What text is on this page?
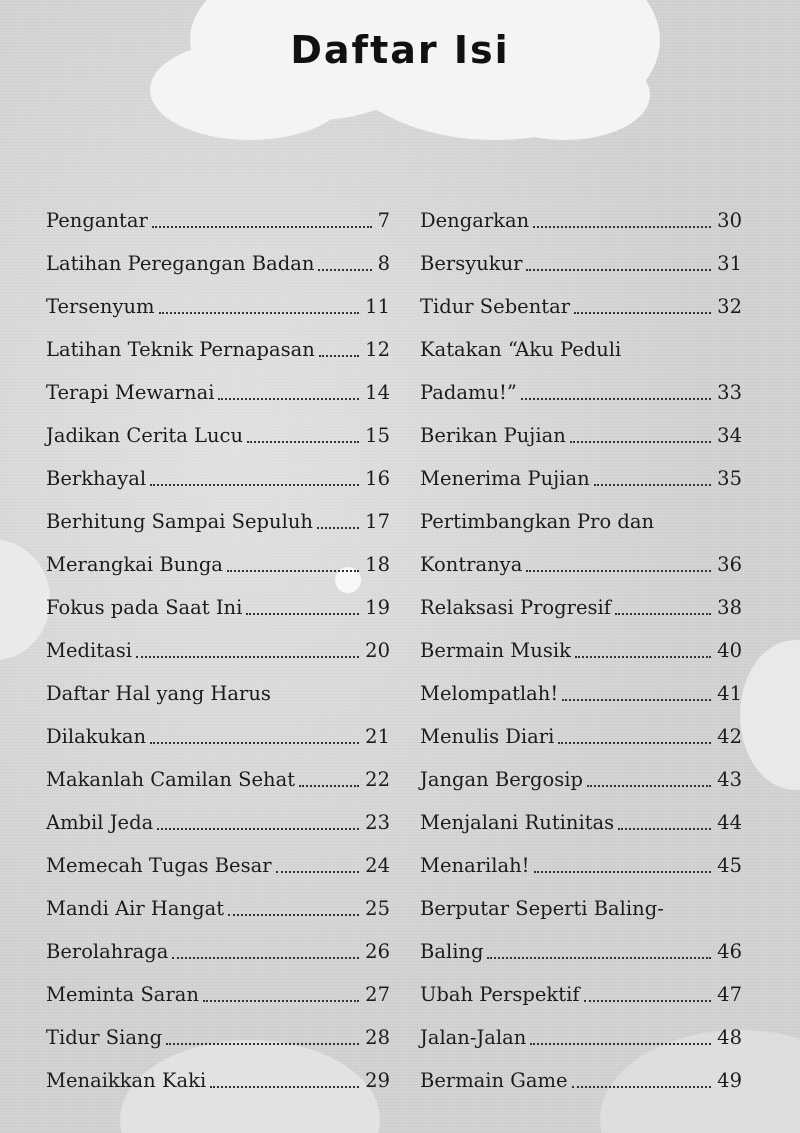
Daftar Isi
Pengantar	7
Latihan Peregangan Badan	8
Tersenyum	11
Latihan Teknik Pernapasan	12
Terapi Mewarnai	14
Jadikan Cerita Lucu	15
Berkhayal	16
Berhitung Sampai Sepuluh	17
Merangkai Bunga	18
Fokus pada Saat Ini	19
Meditasi	20
Daftar Hal yang Harus
Dilakukan	21
Makanlah Camilan Sehat	22
Ambil Jeda	23
Memecah Tugas Besar	24
Mandi Air Hangat	25
Berolahraga	26
Meminta Saran	27
Tidur Siang	28
Menaikkan Kaki	29
Dengarkan	30
Bersyukur	31
Tidur Sebentar	32
Katakan “Aku Peduli
Padamu!”	33
Berikan Pujian	34
Menerima Pujian	35
Pertimbangkan Pro dan
Kontranya	36
Relaksasi Progresif	38
Bermain Musik	40
Melompatlah!	41
Menulis Diari	42
Jangan Bergosip	43
Menjalani Rutinitas	44
Menarilah!	45
Berputar Seperti Baling-
Baling	46
Ubah Perspektif	47
Jalan-Jalan	48
Bermain Game	49
